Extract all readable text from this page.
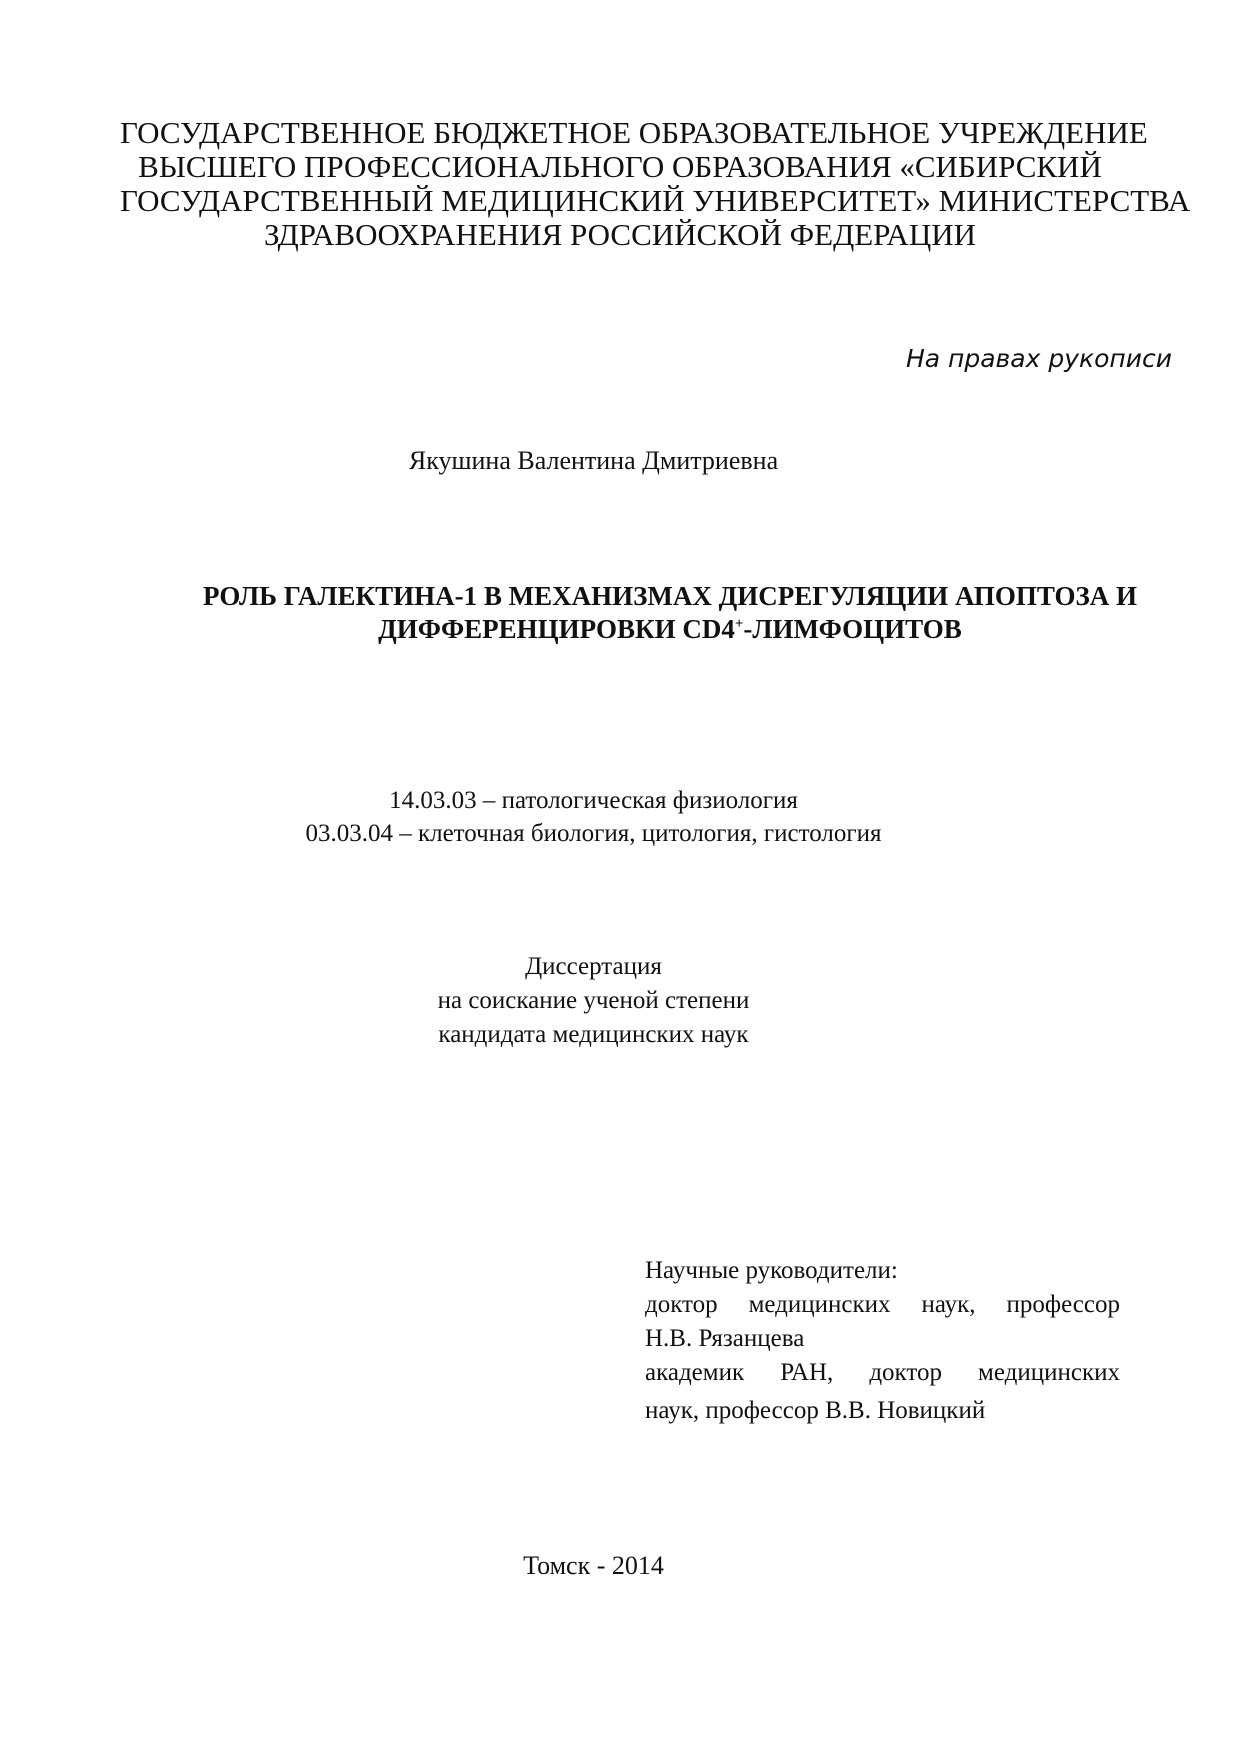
ГОСУДАРСТВЕННОЕ БЮДЖЕТНОЕ ОБРАЗОВАТЕЛЬНОЕ УЧРЕЖДЕНИЕ
ВЫСШЕГО ПРОФЕССИОНАЛЬНОГО ОБРАЗОВАНИЯ «СИБИРСКИЙ
ГОСУДАРСТВЕННЫЙ МЕДИЦИНСКИЙ УНИВЕРСИТЕТ» МИНИСТЕРСТВА
ЗДРАВООХРАНЕНИЯ РОССИЙСКОЙ ФЕДЕРАЦИИ
На правах рукописи
Якушина Валентина Дмитриевна
РОЛЬ ГАЛЕКТИНА-1 В МЕХАНИЗМАХ ДИСРЕГУЛЯЦИИ АПОПТОЗА И
ДИФФЕРЕНЦИРОВКИ CD4+-ЛИМФОЦИТОВ
14.03.03 – патологическая физиология
03.03.04 – клеточная биология, цитология, гистология
Диссертация
на соискание ученой степени
кандидата медицинских наук
Научные руководители:
доктор медицинских наук, профессор
Н.В. Рязанцева
академик РАН, доктор медицинских
наук, профессор В.В. Новицкий
Томск - 2014
